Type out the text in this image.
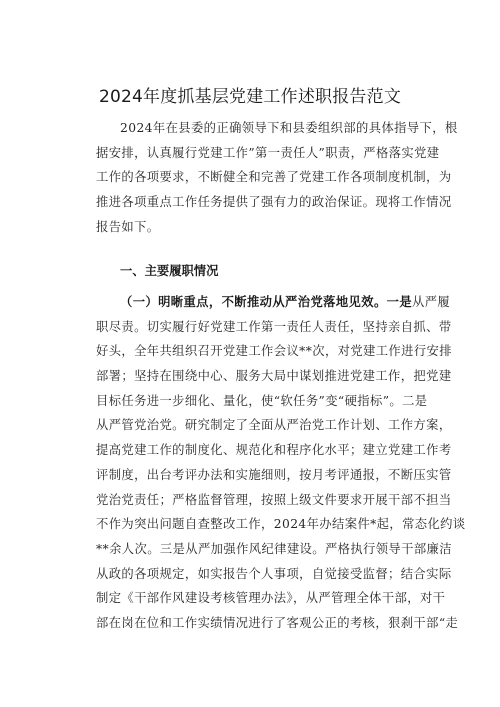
2024年度抓基层党建工作述职报告范文
2024年在县委的正确领导下和县委组织部的具体指导下，根
据安排，认真履行党建工作”第一责任人”职责，严格落实党建
工作的各项要求，不断健全和完善了党建工作各项制度机制，为
推进各项重点工作任务提供了强有力的政治保证。现将工作情况
报告如下。
一、主要履职情况
（一）明晰重点，不断推动从严治党落地见效。一是从严履
职尽责。切实履行好党建工作第一责任人责任，坚持亲自抓、带
好头，全年共组织召开党建工作会议**次，对党建工作进行安排
部署；坚持在围绕中心、服务大局中谋划推进党建工作，把党建
目标任务进一步细化、量化，使“软任务”变“硬指标”。二是
从严管党治党。研究制定了全面从严治党工作计划、工作方案，
提高党建工作的制度化、规范化和程序化水平；建立党建工作考
评制度，出台考评办法和实施细则，按月考评通报，不断压实管
党治党责任；严格监督管理，按照上级文件要求开展干部不担当
不作为突出问题自查整改工作，2024年办结案件*起，常态化约谈
**余人次。三是从严加强作风纪律建设。严格执行领导干部廉洁
从政的各项规定，如实报告个人事项，自觉接受监督；结合实际
制定《干部作风建设考核管理办法》，从严管理全体干部，对干
部在岗在位和工作实绩情况进行了客观公正的考核，狠刹干部“走
